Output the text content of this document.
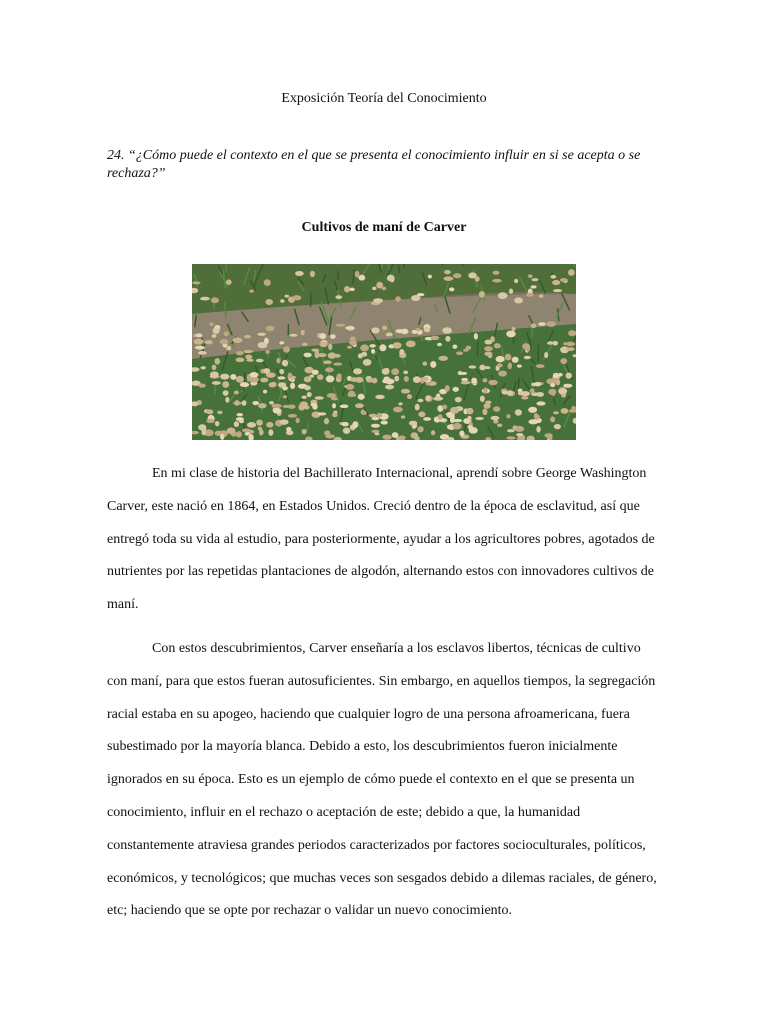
Exposición Teoría del Conocimiento
24. “¿Cómo puede el contexto en el que se presenta el conocimiento influir en si se acepta o se rechaza?”
Cultivos de maní de Carver

En mi clase de historia del Bachillerato Internacional, aprendí sobre George Washington Carver, este nació en 1864, en Estados Unidos. Creció dentro de la época de esclavitud, así que entregó toda su vida al estudio, para posteriormente, ayudar a los agricultores pobres, agotados de nutrientes por las repetidas plantaciones de algodón, alternando estos con innovadores cultivos de maní.

Con estos descubrimientos, Carver enseñaría a los esclavos libertos, técnicas de cultivo con maní, para que estos fueran autosuficientes. Sin embargo, en aquellos tiempos, la segregación racial estaba en su apogeo, haciendo que cualquier logro de una persona afroamericana, fuera subestimado por la mayoría blanca. Debido a esto, los descubrimientos fueron inicialmente ignorados en su época. Esto es un ejemplo de cómo puede el contexto en el que se presenta un conocimiento, influir en el rechazo o aceptación de este; debido a que, la humanidad constantemente atraviesa grandes periodos caracterizados por factores socioculturales, políticos, económicos, y tecnológicos; que muchas veces son sesgados debido a dilemas raciales, de género, etc; haciendo que se opte por rechazar o validar un nuevo conocimiento.
